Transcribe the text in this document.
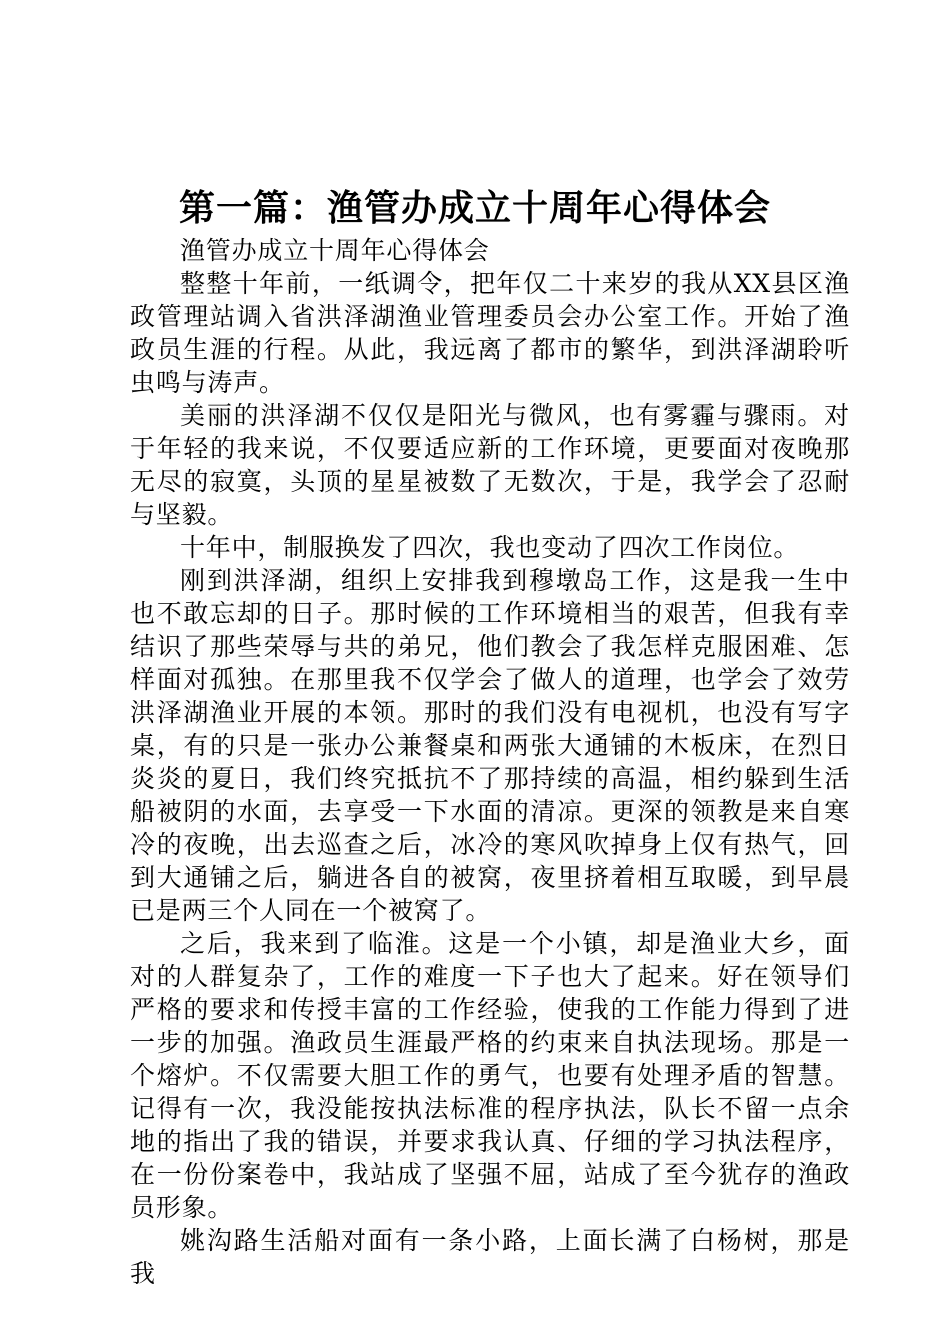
第一篇：渔管办成立十周年心得体会

渔管办成立十周年心得体会

整整十年前，一纸调令，把年仅二十来岁的我从XX县区渔政管理站调入省洪泽湖渔业管理委员会办公室工作。开始了渔政员生涯的行程。从此，我远离了都市的繁华，到洪泽湖聆听虫鸣与涛声。

美丽的洪泽湖不仅仅是阳光与微风，也有雾霾与骤雨。对于年轻的我来说，不仅要适应新的工作环境，更要面对夜晚那无尽的寂寞，头顶的星星被数了无数次，于是，我学会了忍耐与坚毅。

十年中，制服换发了四次，我也变动了四次工作岗位。

刚到洪泽湖，组织上安排我到穆墩岛工作，这是我一生中也不敢忘却的日子。那时候的工作环境相当的艰苦，但我有幸结识了那些荣辱与共的弟兄，他们教会了我怎样克服困难、怎样面对孤独。在那里我不仅学会了做人的道理，也学会了效劳洪泽湖渔业开展的本领。那时的我们没有电视机，也没有写字桌，有的只是一张办公兼餐桌和两张大通铺的木板床，在烈日炎炎的夏日，我们终究抵抗不了那持续的高温，相约躲到生活船被阴的水面，去享受一下水面的清凉。更深的领教是来自寒冷的夜晚，出去巡查之后，冰冷的寒风吹掉身上仅有热气，回到大通铺之后，躺进各自的被窝，夜里挤着相互取暖，到早晨已是两三个人同在一个被窝了。

之后，我来到了临淮。这是一个小镇，却是渔业大乡，面对的人群复杂了，工作的难度一下子也大了起来。好在领导们严格的要求和传授丰富的工作经验，使我的工作能力得到了进一步的加强。渔政员生涯最严格的约束来自执法现场。那是一个熔炉。不仅需要大胆工作的勇气，也要有处理矛盾的智慧。记得有一次，我没能按执法标准的程序执法，队长不留一点余地的指出了我的错误，并要求我认真、仔细的学习执法程序，在一份份案卷中，我站成了坚强不屈，站成了至今犹存的渔政员形象。

姚沟路生活船对面有一条小路，上面长满了白杨树，那是我
